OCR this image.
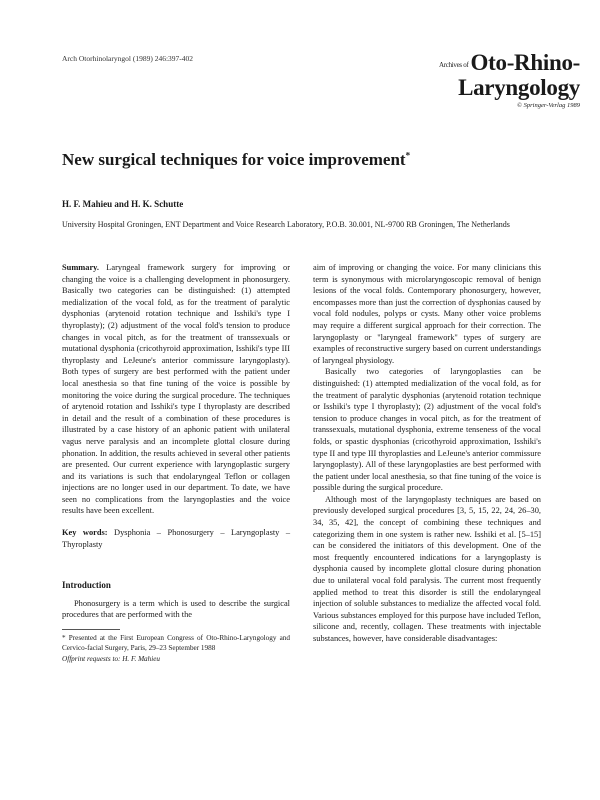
Arch Otorhinolaryngol (1989) 246:397-402
Archives ofOto-Rhino-
Laryngology
© Springer-Verlag 1989
New surgical techniques for voice improvement*
H. F. Mahieu and H. K. Schutte
University Hospital Groningen, ENT Department and Voice Research Laboratory, P.O.B. 30.001, NL-9700 RB Groningen, The Netherlands

Summary. Laryngeal framework surgery for improving or changing the voice is a challenging development in phonosurgery. Basically two categories can be distinguished: (1) attempted medialization of the vocal fold, as for the treatment of paralytic dysphonias (arytenoid rotation technique and Isshiki's type I thyroplasty); (2) adjustment of the vocal fold's tension to produce changes in vocal pitch, as for the treatment of transsexuals or mutational dysphonia (cricothyroid approximation, Isshiki's type III thyroplasty and LeJeune's anterior commissure laryngoplasty). Both types of surgery are best performed with the patient under local anesthesia so that fine tuning of the voice is possible by monitoring the voice during the surgical procedure. The techniques of arytenoid rotation and Isshiki's type I thyroplasty are described in detail and the result of a combination of these procedures is illustrated by a case history of an aphonic patient with unilateral vagus nerve paralysis and an incomplete glottal closure during phonation. In addition, the results achieved in several other patients are presented. Our current experience with laryngoplastic surgery and its variations is such that endolaryngeal Teflon or collagen injections are no longer used in our department. To date, we have seen no complications from the laryngoplasties and the voice results have been excellent.

Key words: Dysphonia – Phonosurgery – Laryngoplasty – Thyroplasty

Introduction

Phonosurgery is a term which is used to describe the surgical procedures that are performed with the

* Presented at the First European Congress of Oto-Rhino-Laryngology and Cervico-facial Surgery, Paris, 29–23 September 1988

Offprint requests to: H. F. Mahieu

aim of improving or changing the voice. For many clinicians this term is synonymous with microlaryngoscopic removal of benign lesions of the vocal folds. Contemporary phonosurgery, however, encompasses more than just the correction of dysphonias caused by vocal fold nodules, polyps or cysts. Many other voice problems may require a different surgical approach for their correction. The laryngoplasty or "laryngeal framework" types of surgery are examples of reconstructive surgery based on current understandings of laryngeal physiology.

Basically two categories of laryngoplasties can be distinguished: (1) attempted medialization of the vocal fold, as for the treatment of paralytic dysphonias (arytenoid rotation technique or Isshiki's type I thyroplasty); (2) adjustment of the vocal fold's tension to produce changes in vocal pitch, as for the treatment of transsexuals, mutational dysphonia, extreme tenseness of the vocal folds, or spastic dysphonias (cricothyroid approximation, Isshiki's type II and type III thyroplasties and LeJeune's anterior commissure laryngoplasty). All of these laryngoplasties are best performed with the patient under local anesthesia, so that fine tuning of the voice is possible during the surgical procedure.

Although most of the laryngoplasty techniques are based on previously developed surgical procedures [3, 5, 15, 22, 24, 26–30, 34, 35, 42], the concept of combining these techniques and categorizing them in one system is rather new. Isshiki et al. [5–15] can be considered the initiators of this development. One of the most frequently encountered indications for a laryngoplasty is dysphonia caused by incomplete glottal closure during phonation due to unilateral vocal fold paralysis. The current most frequently applied method to treat this disorder is still the endolaryngeal injection of soluble substances to medialize the affected vocal fold. Various substances employed for this purpose have included Teflon, silicone and, recently, collagen. These treatments with injectable substances, however, have considerable disadvantages:
